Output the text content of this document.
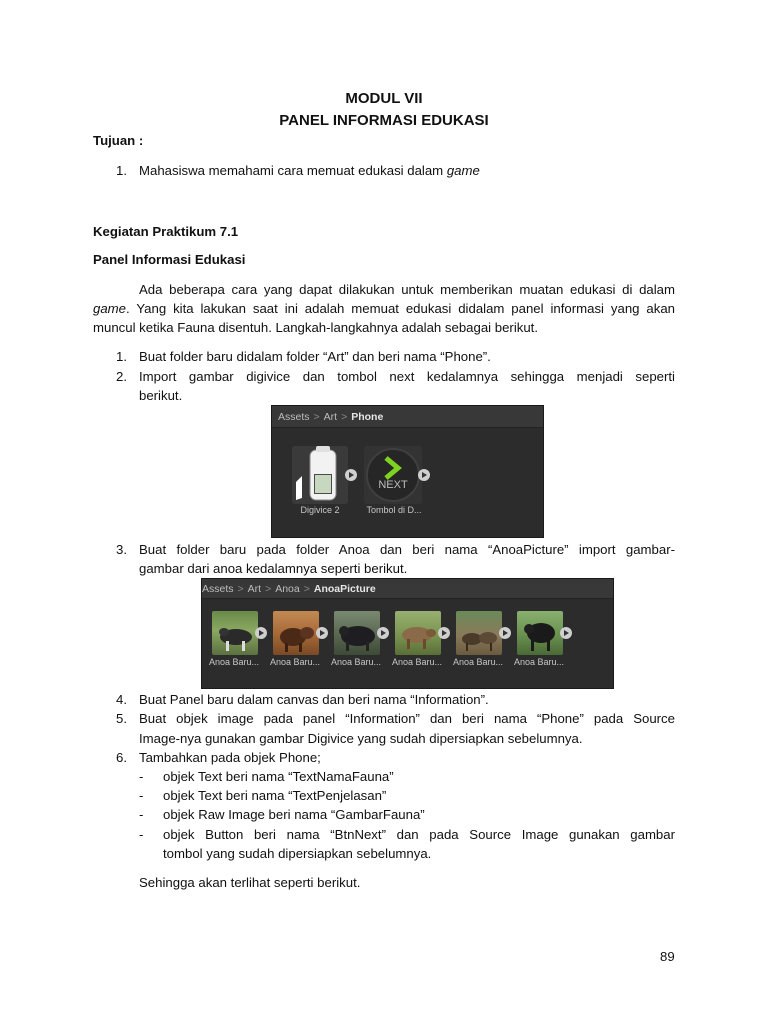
MODUL VII
PANEL INFORMASI EDUKASI
Tujuan :
1. Mahasiswa memahami cara memuat edukasi dalam game
Kegiatan Praktikum 7.1
Panel Informasi Edukasi
Ada beberapa cara yang dapat dilakukan untuk memberikan muatan edukasi di dalam
game. Yang kita lakukan saat ini adalah memuat edukasi didalam panel informasi yang akan
muncul ketika Fauna disentuh. Langkah-langkahnya adalah sebagai berikut.
1. Buat folder baru didalam folder “Art” dan beri nama “Phone”.
2. Import gambar digivice dan tombol next kedalamnya sehingga menjadi seperti
berikut.
Assets > Art > Phone
Digivice 2
NEXT
Tombol di D...
3. Buat folder baru pada folder Anoa dan beri nama “AnoaPicture” import gambar-
gambar dari anoa kedalamnya seperti berikut.
Assets > Art > Anoa > AnoaPicture
Anoa Baru... Anoa Baru... Anoa Baru... Anoa Baru... Anoa Baru... Anoa Baru...
4. Buat Panel baru dalam canvas dan beri nama “Information”.
5. Buat objek image pada panel “Information” dan beri nama “Phone” pada Source
Image-nya gunakan gambar Digivice yang sudah dipersiapkan sebelumnya.
6. Tambahkan pada objek Phone;
- objek Text beri nama “TextNamaFauna”
- objek Text beri nama “TextPenjelasan”
- objek Raw Image beri nama “GambarFauna”
- objek Button beri nama “BtnNext” dan pada Source Image gunakan gambar
tombol yang sudah dipersiapkan sebelumnya.
Sehingga akan terlihat seperti berikut.
89
